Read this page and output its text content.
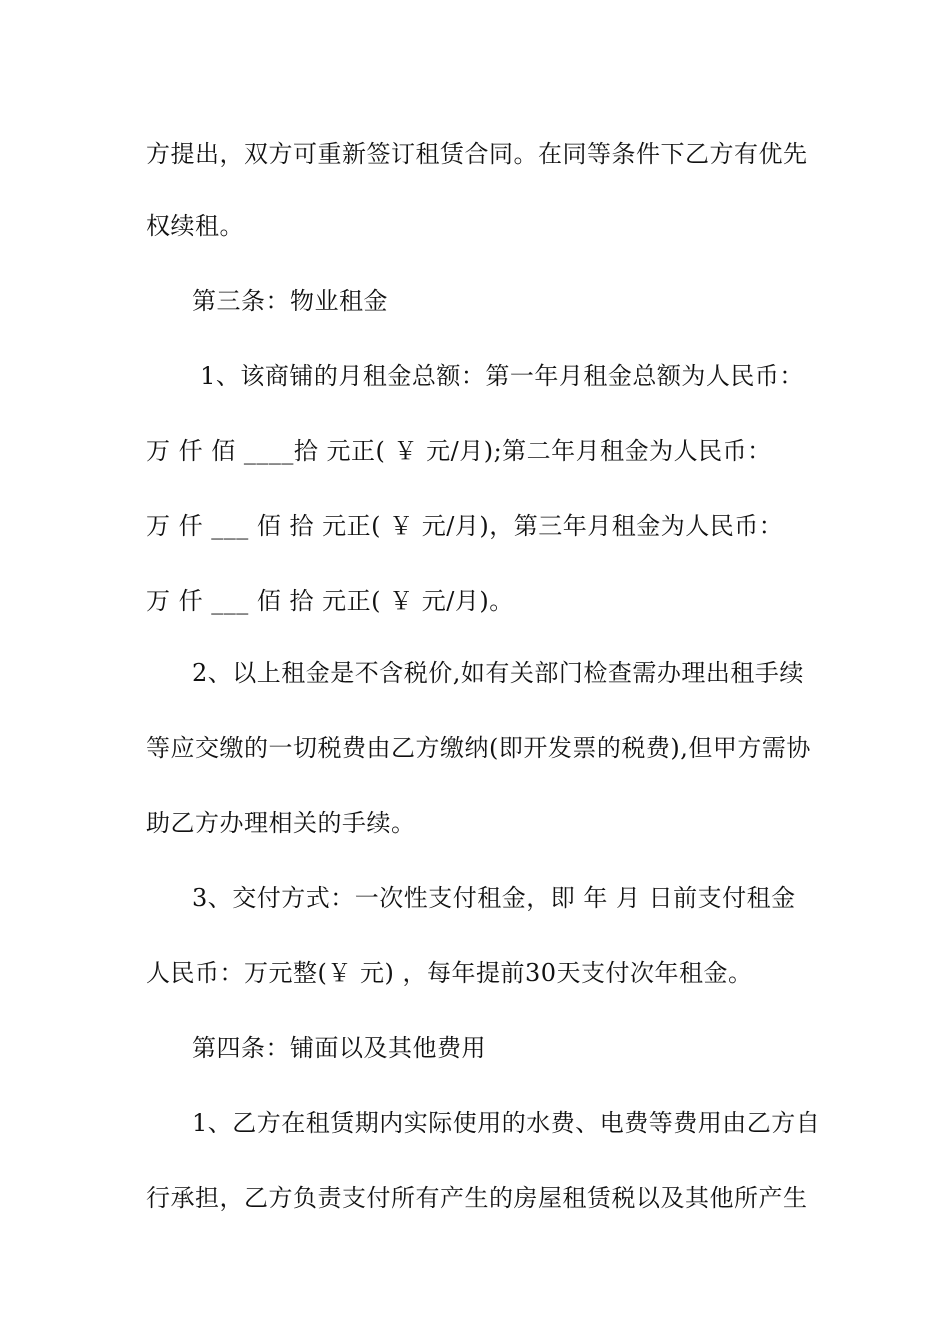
方提出，双方可重新签订租赁合同。在同等条件下乙方有优先
权续租。
第三条：物业租金
1、该商铺的月租金总额：第一年月租金总额为人民币：
万 仟 佰 ____拾 元正( ￥ 元/月);第二年月租金为人民币：
万 仟 ___ 佰 拾 元正( ￥ 元/月)，第三年月租金为人民币：
万 仟 ___ 佰 拾 元正( ￥ 元/月)。
2、以上租金是不含税价,如有关部门检查需办理出租手续
等应交缴的一切税费由乙方缴纳(即开发票的税费),但甲方需协
助乙方办理相关的手续。
3、交付方式：一次性支付租金，即 年 月 日前支付租金
人民币：万元整(￥ 元) ，每年提前30天支付次年租金。
第四条：铺面以及其他费用
1、乙方在租赁期内实际使用的水费、电费等费用由乙方自
行承担，乙方负责支付所有产生的房屋租赁税以及其他所产生
